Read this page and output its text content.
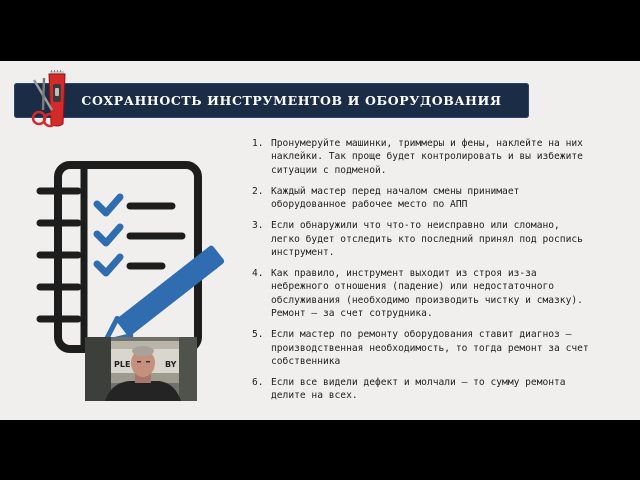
СОХРАННОСТЬ ИНСТРУМЕНТОВ И ОБОРУДОВАНИЯ
1. Пронумеруйте машинки, триммеры и фены, наклейте на них наклейки. Так проще будет контролировать и вы избежите ситуации с подменой.
2. Каждый мастер перед началом смены принимает оборудованное рабочее место по АПП
3. Если обнаружили что что-то неисправно или сломано, легко будет отследить кто последний принял под роспись инструмент.
4. Как правило, инструмент выходит из строя из-за небрежного отношения (падение) или недостаточного обслуживания (необходимо производить чистку и смазку). Ремонт – за счет сотрудника.
5. Если мастер по ремонту оборудования ставит диагноз – производственная необходимость, то тогда ремонт за счет собственника
6. Если все видели дефект и молчали – то сумму ремонта делите на всех.
PLE	BY
